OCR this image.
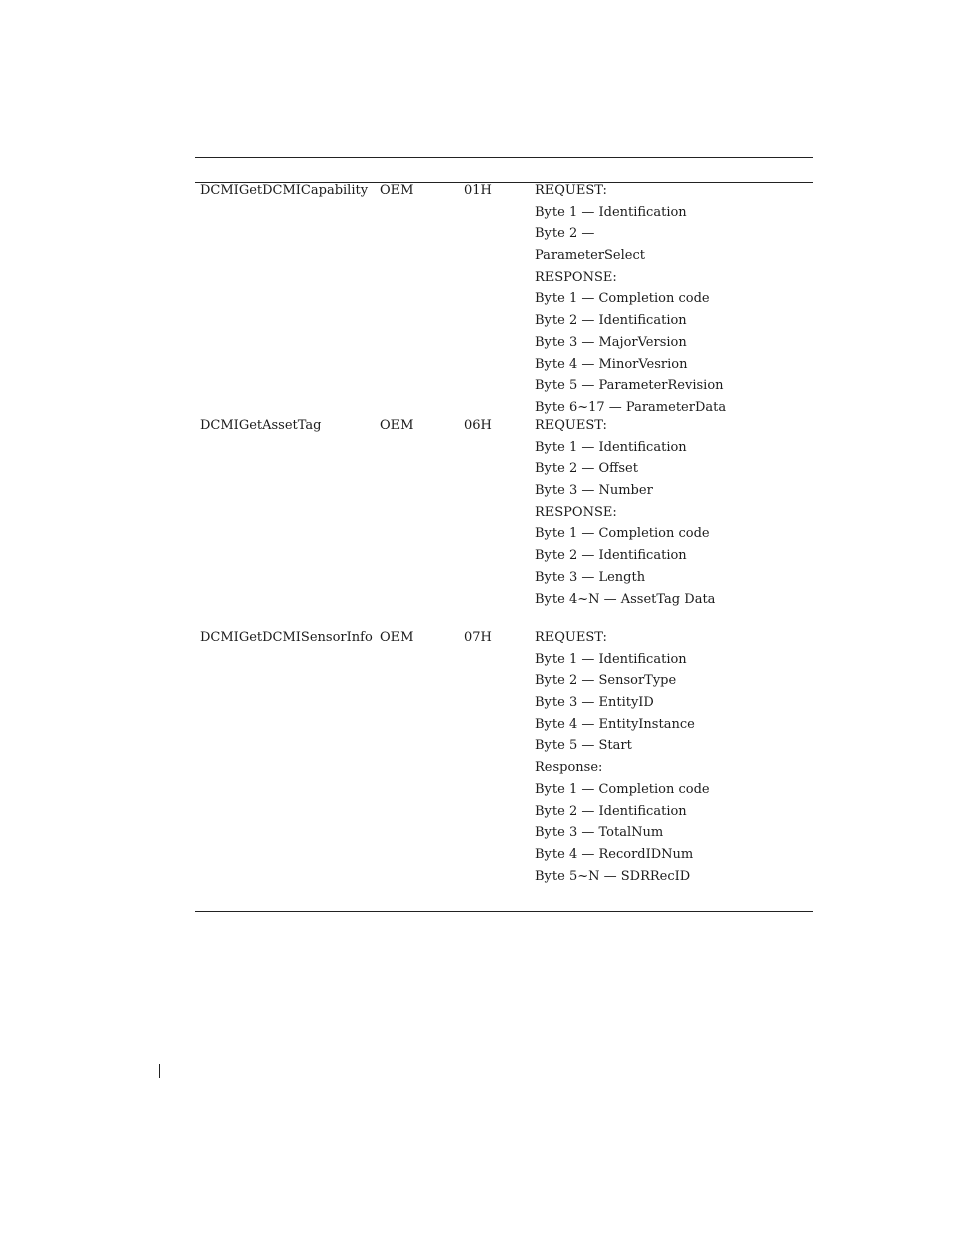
DCMIGetDCMICapability OEM	01H	REQUEST:
Byte 1 — Identification
Byte 2 —
ParameterSelect
RESPONSE:
Byte 1 — Completion code
Byte 2 — Identification
Byte 3 — MajorVersion
Byte 4 — MinorVesrion
Byte 5 — ParameterRevision
Byte 6~17 — ParameterData
DCMIGetAssetTag	OEM	06H	REQUEST:
Byte 1 — Identification
Byte 2 — Offset
Byte 3 — Number
RESPONSE:
Byte 1 — Completion code
Byte 2 — Identification
Byte 3 — Length
Byte 4~N — AssetTag Data
DCMIGetDCMISensorInfo OEM	07H	REQUEST:
Byte 1 — Identification
Byte 2 — SensorType
Byte 3 — EntityID
Byte 4 — EntityInstance
Byte 5 — Start
Response:
Byte 1 — Completion code
Byte 2 — Identification
Byte 3 — TotalNum
Byte 4 — RecordIDNum
Byte 5~N — SDRRecID
